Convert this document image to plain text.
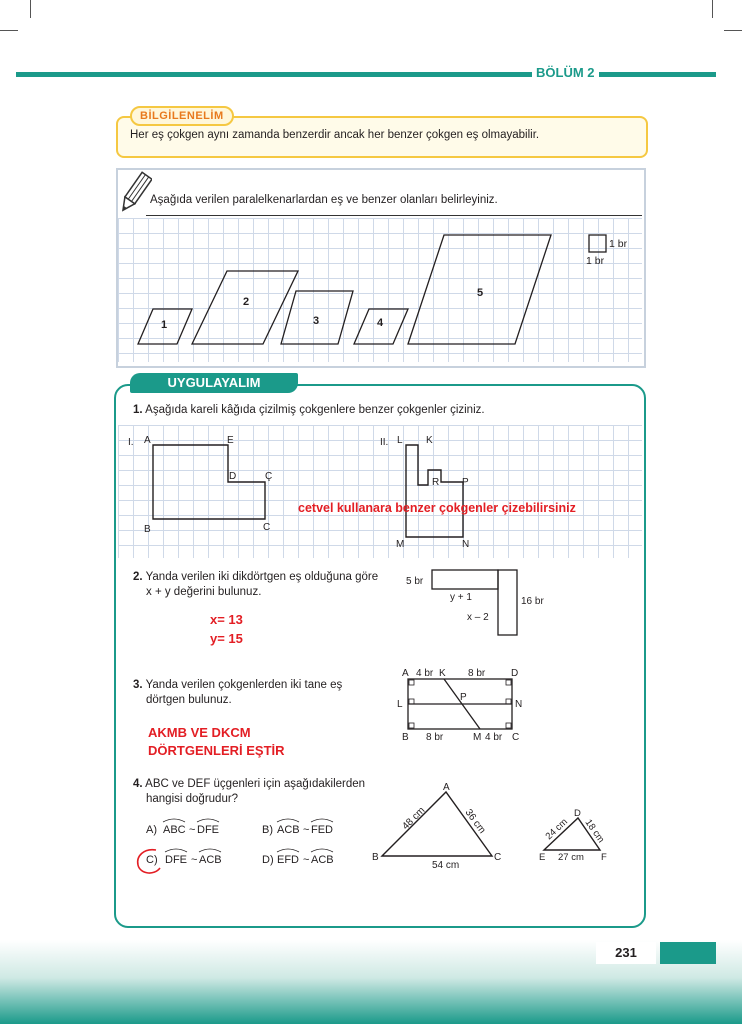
BÖLÜM 2
BİLGİLENELİM
Her eş çokgen aynı zamanda benzerdir ancak her benzer çokgen eş olmayabilir.
Aşağıda verilen paralelkenarlardan eş ve benzer olanları belirleyiniz.
1
2
3	4
5
1 br
1 br
UYGULAYALIM
1. Aşağıda kareli kâğıda çizilmiş çokgenlere benzer çokgenler çiziniz.
I. A	E
D	Ç
B	C
II. L K
R P
M	N
cetvel kullanara benzer çokgenler çizebilirsiniz
2. Yanda verilen iki dikdörtgen eş olduğuna göre
x + y değerini bulunuz.
x= 13
y= 15
5 br
y + 1	16 br
x – 2
3. Yanda verilen çokgenlerden iki tane eş
dörtgen bulunuz.
AKMB VE DKCM
DÖRTGENLERİ EŞTİR
A 4 br K 8 br	D
L
P
N
B 8 br	M 4 br C
4. ABC ve DEF üçgenleri için aşağıdakilerden
hangisi doğrudur?
A) ABC ~ DFE	B) ACB ~ FED
C) DFE ~ ACB	D) EFD ~ ACB
A
B	C
48 cm	36 cm
54 cm
D
E	F
24 cm 18 cm
27 cm
231
